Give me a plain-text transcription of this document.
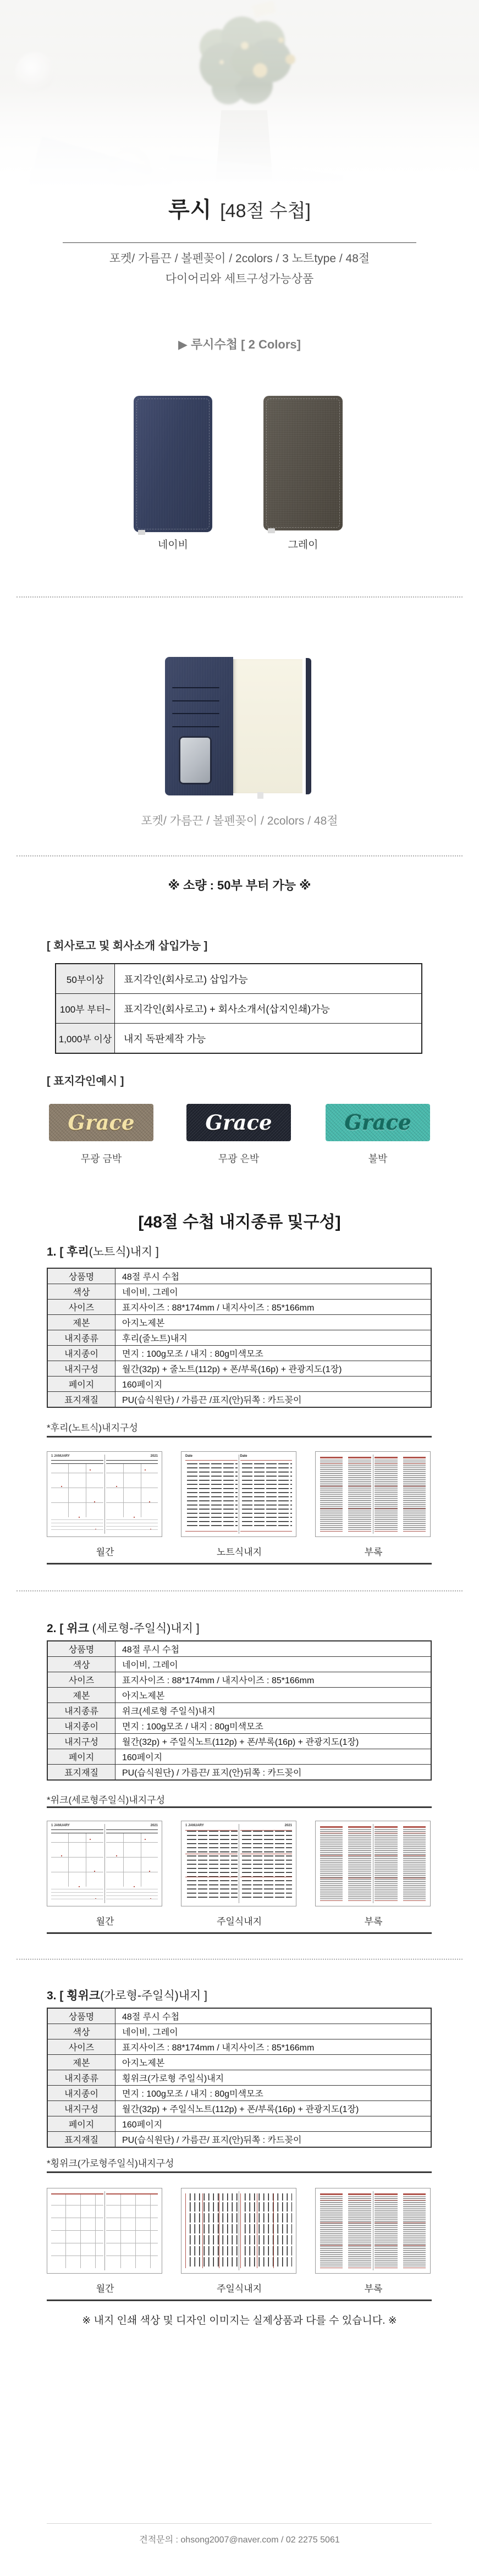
루시 [48절 수첩]

포켓/ 가름끈 / 볼펜꽂이 / 2colors / 3 노트type / 48절

다이어리와 세트구성가능상품

▶ 루시수첩 [ 2 Colors]

네이비	그레이

포켓/ 가름끈 / 볼펜꽂이 / 2colors / 48절

※ 소량 : 50부 부터 가능 ※

[ 회사로고 및 회사소개 삽입가능 ]
50부이상	표지각인(회사로고) 삽입가능
100부 부터~	표지각인(회사로고) + 회사소개서(삽지인쇄)가능
1,000부 이상	내지 독판제작 가능
[ 표지각인예시 ]
Grace	Grace	Grace

무광 금박	무광 은박	불박

[48절 수첩 내지종류 및구성]
1. [ 후리(노트식)내지 ]
상품명	48절 루시 수첩
색상	네이비, 그레이
사이즈	표지사이즈 : 88*174mm / 내지사이즈 : 85*166mm
제본	아지노제본
내지종류	후리(줄노트)내지
내지종이	면지 : 100g모조 / 내지 : 80g미색모조
내지구성	월간(32p) + 줄노트(112p) + 폰/부록(16p) + 관광지도(1장)
페이지	160페이지
표지재질	PU(습식원단) / 가름끈 /표지(안)뒤쪽 : 카드꽂이

*후리(노트식)내지구성

1 JANUARY	2021

월간

Date	Date

노트식내지	부록

2. [ 위크 (세로형-주일식)내지 ]
상품명	48절 루시 수첩
색상	네이비, 그레이
사이즈	표지사이즈 : 88*174mm / 내지사이즈 : 85*166mm
제본	아지노제본
내지종류	위크(세로형 주일식)내지
내지종이	면지 : 100g모조 / 내지 : 80g미색모조
내지구성	월간(32p) + 주일식노트(112p) + 폰/부록(16p) + 관광지도(1장)
페이지	160페이지
표지재질	PU(습식원단) / 가름끈/ 표지(안)뒤쪽 : 카드꽂이

*위크(세로형주일식)내지구성

1 JANUARY	2021

월간

1 JANUARY	2021

주일식내지	부록

3. [ 횡위크(가로형-주일식)내지 ]
상품명	48절 루시 수첩
색상	네이비, 그레이
사이즈	표지사이즈 : 88*174mm / 내지사이즈 : 85*166mm
제본	아지노제본
내지종류	횡위크(가로형 주일식)내지
내지종이	면지 : 100g모조 / 내지 : 80g미색모조
내지구성	월간(32p) + 주일식노트(112p) + 폰/부록(16p) + 관광지도(1장)
페이지	160페이지
표지재질	PU(습식원단) / 가름끈/ 표지(안)뒤쪽 : 카드꽂이

*횡위크(가로형주일식)내지구성

월간	주일식내지	부록

※ 내지 인쇄 색상 및 디자인 이미지는 실제상품과 다를 수 있습니다. ※

견적문의 : ohsong2007@naver.com / 02 2275 5061
